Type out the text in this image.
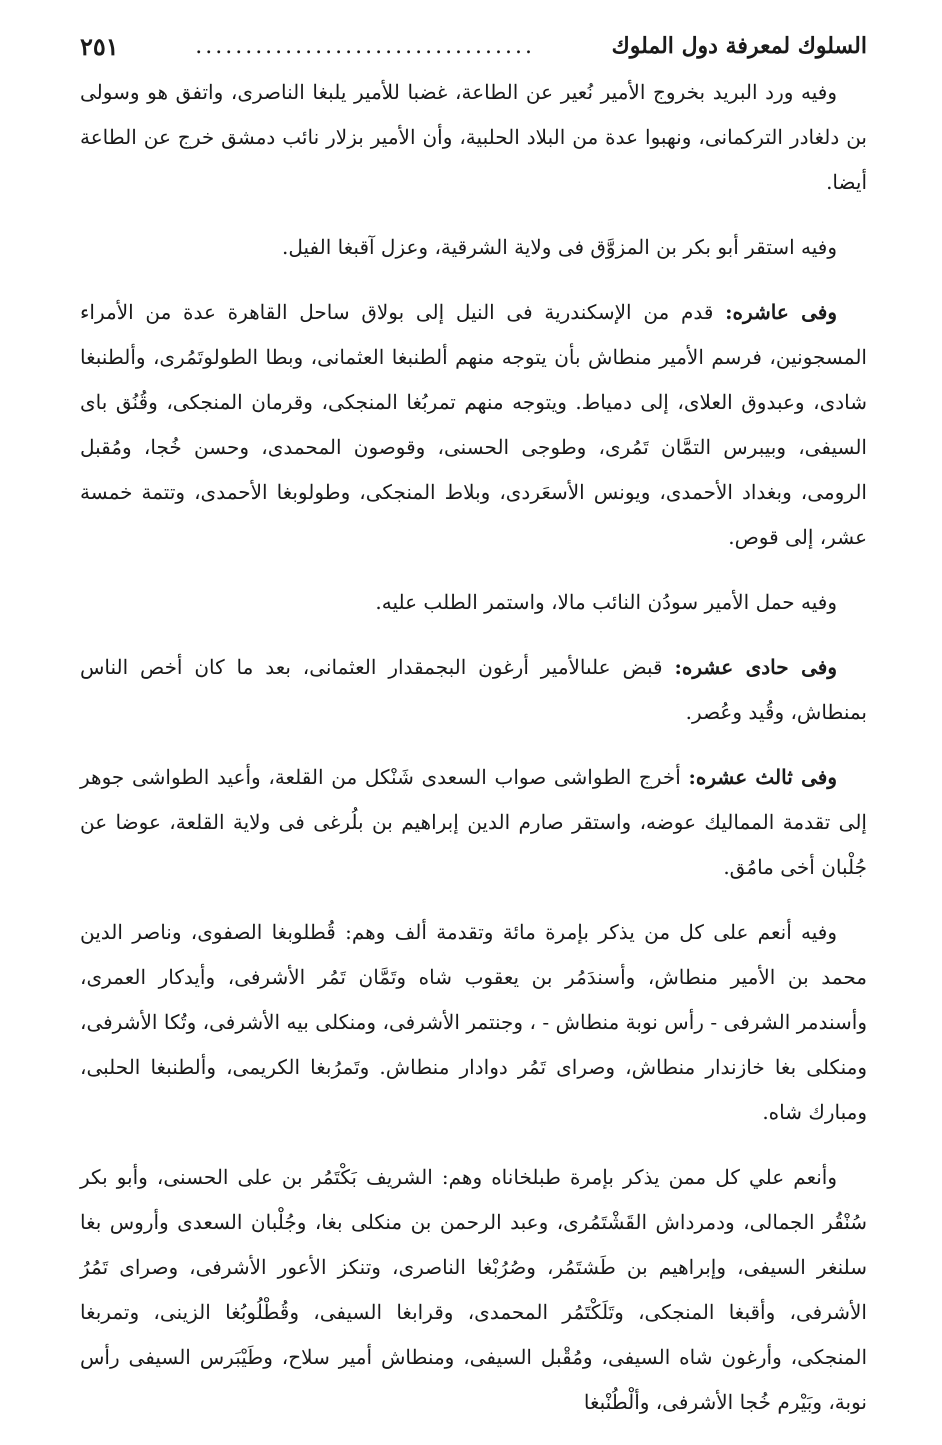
السلوك لمعرفة دول الملوك
..................................
٢٥١

وفيه ورد البريد بخروج الأمير نُعير عن الطاعة، غضبا للأمير يلبغا الناصرى، واتفق هو وسولى بن دلغادر التركمانى، ونهبوا عدة من البلاد الحلبية، وأن الأمير بزلار نائب دمشق خرج عن الطاعة أيضا.

وفيه استقر أبو بكر بن المزوَّق فى ولاية الشرقية، وعزل آقبغا الفيل.

وفى عاشره: قدم من الإسكندرية فى النيل إلى بولاق ساحل القاهرة عدة من الأمراء المسجونين، فرسم الأمير منطاش بأن يتوجه منهم ألطنبغا العثمانى، وبطا الطولوتَمُرى، وألطنبغا شادى، وعبدوق العلاى، إلى دمياط. ويتوجه منهم تمربُغا المنجكى، وقرمان المنجكى، وقُنُق باى السيفى، وبيبرس التمَّان تَمُرى، وطوجى الحسنى، وقوصون المحمدى، وحسن خُجا، ومُقبل الرومى، وبغداد الأحمدى، ويونس الأسعَردى، وبلاط المنجكى، وطولوبغا الأحمدى، وتتمة خمسة عشر، إلى قوص.

وفيه حمل الأمير سودُن النائب مالا، واستمر الطلب عليه.

وفى حادى عشره: قبض علىالأمير أرغون البجمقدار العثمانى، بعد ما كان أخص الناس بمنطاش، وقُيد وعُصر.

وفى ثالث عشره: أخرج الطواشى صواب السعدى شَنْكل من القلعة، وأعيد الطواشى جوهر إلى تقدمة المماليك عوضه، واستقر صارم الدين إبراهيم بن بلُرغى فى ولاية القلعة، عوضا عن جُلْبان أخى مامُق.

وفيه أنعم على كل من يذكر بإمرة مائة وتقدمة ألف وهم: قُطلوبغا الصفوى، وناصر الدين محمد بن الأمير منطاش، وأسندَمُر بن يعقوب شاه وتَمَّان تَمُر الأشرفى، وأيدكار العمرى، وأسندمر الشرفى - رأس نوبة منطاش - ، وجنتمر الأشرفى، ومنكلى بيه الأشرفى، وتُكا الأشرفى، ومنكلى بغا خازندار منطاش، وصراى تَمُر دوادار منطاش. وتَمرُبغا الكريمى، وألطنبغا الحلبى، ومبارك شاه.

وأنعم علي كل ممن يذكر بإمرة طبلخاناه وهم: الشريف بَكْتَمُر بن على الحسنى، وأبو بكر سُنْقُر الجمالى، ودمرداش القَشْتَمُرى، وعبد الرحمن بن منكلى بغا، وجُلْبان السعدى وأروس بغا سلنغر السيفى، وإبراهيم بن طَشتَمُر، وصُرُبْغا الناصرى، وتنكز الأعور الأشرفى، وصراى تَمُرُ الأشرفى، وأقبغا المنجكى، وتَلَكْتَمُر المحمدى، وقرابغا السيفى، وقُطْلُوبُغا الزينى، وتمربغا المنجكى، وأرغون شاه السيفى، ومُقْبل السيفى، ومنطاش أمير سلاح، وطَيْبَرس السيفى رأس نوبة، وبَيْرم خُجا الأشرفى، وألْطُنْبغا
